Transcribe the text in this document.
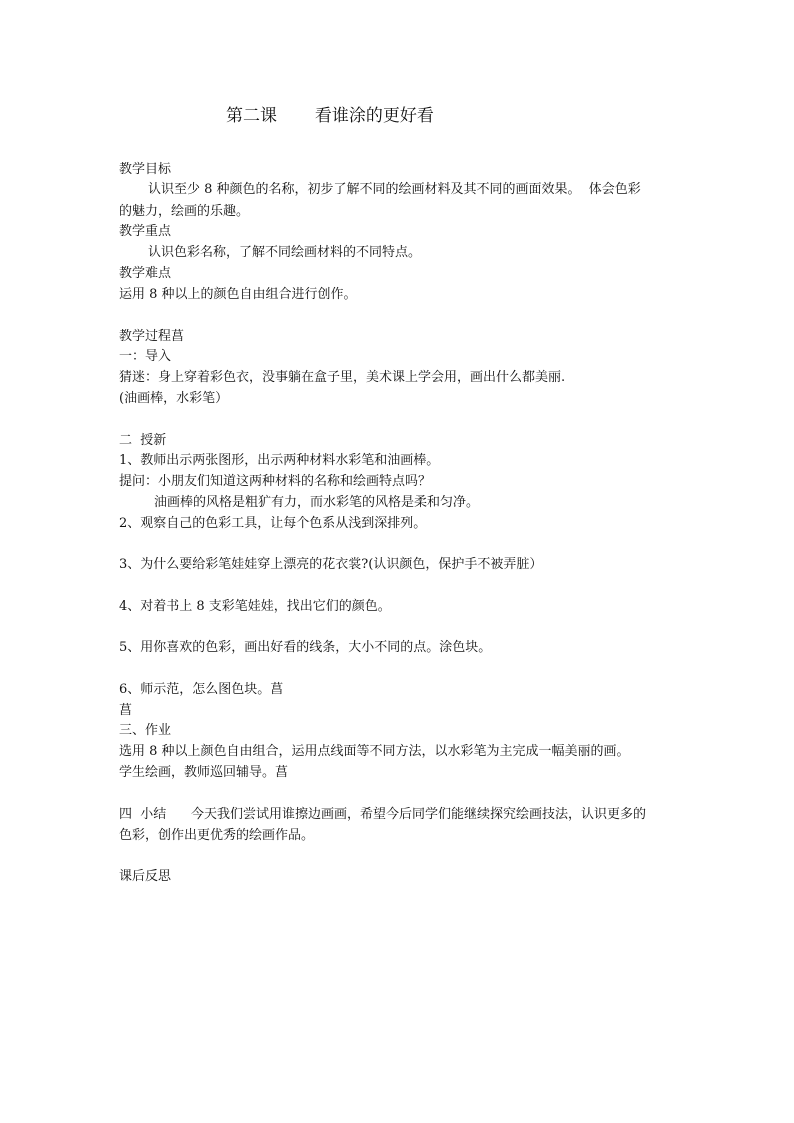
第二课       看谁涂的更好看

教学目标

认识至少 8 种颜色的名称，初步了解不同的绘画材料及其不同的画面效果。  体会色彩

的魅力，绘画的乐趣。

教学重点

认识色彩名称，了解不同绘画材料的不同特点。

教学难点

运用 8 种以上的颜色自由组合进行创作。

教学过程菖

一：导入

猜迷：身上穿着彩色衣，没事躺在盒子里，美术课上学会用，画出什么都美丽.

(油画棒，水彩笔）

二  授新

1、教师出示两张图形，出示两种材料水彩笔和油画棒。

提问：小朋友们知道这两种材料的名称和绘画特点吗？

油画棒的风格是粗犷有力，而水彩笔的风格是柔和匀净。

2、观察自己的色彩工具，让每个色系从浅到深排列。

3、为什么要给彩笔娃娃穿上漂亮的花衣裳?(认识颜色，保护手不被弄脏）

4、对着书上 8 支彩笔娃娃，找出它们的颜色。

5、用你喜欢的色彩，画出好看的线条，大小不同的点。涂色块。

6、师示范，怎么图色块。菖

菖

三、作业

选用 8 种以上颜色自由组合，运用点线面等不同方法，以水彩笔为主完成一幅美丽的画。

学生绘画，教师巡回辅导。菖

四  小结      今天我们尝试用谁擦边画画，希望今后同学们能继续探究绘画技法，认识更多的

色彩，创作出更优秀的绘画作品。

课后反思
